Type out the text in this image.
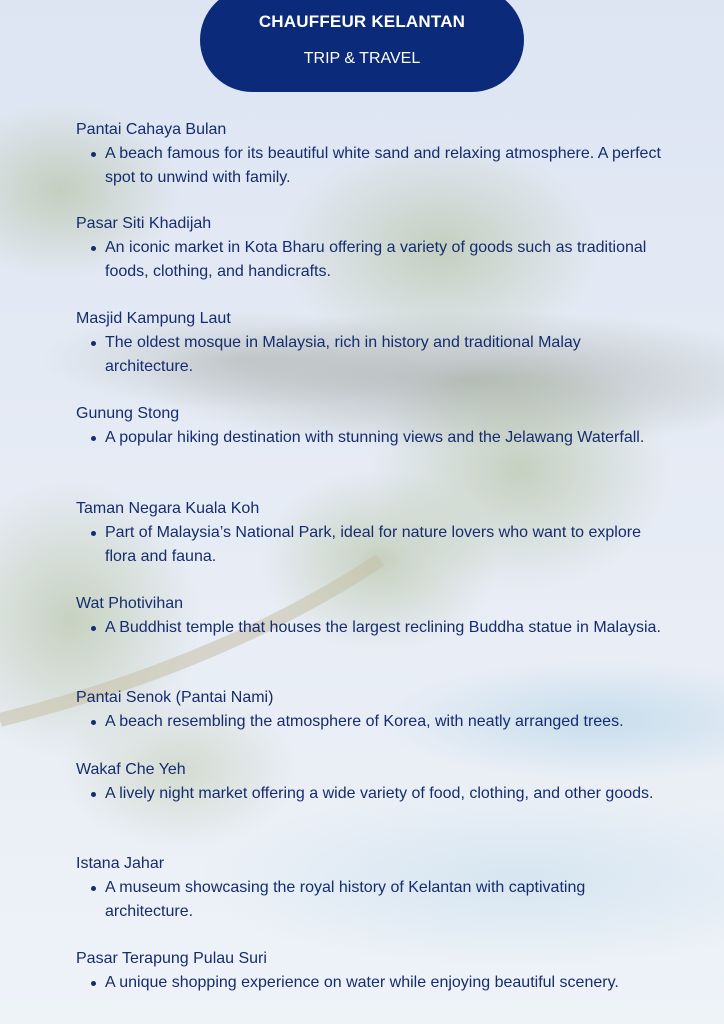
CHAUFFEUR KELANTAN
TRIP & TRAVEL
Pantai Cahaya Bulan
A beach famous for its beautiful white sand and relaxing atmosphere. A perfect spot to unwind with family.
Pasar Siti Khadijah
An iconic market in Kota Bharu offering a variety of goods such as traditional foods, clothing, and handicrafts.
Masjid Kampung Laut
The oldest mosque in Malaysia, rich in history and traditional Malay architecture.
Gunung Stong
A popular hiking destination with stunning views and the Jelawang Waterfall.
Taman Negara Kuala Koh
Part of Malaysia’s National Park, ideal for nature lovers who want to explore flora and fauna.
Wat Photivihan
A Buddhist temple that houses the largest reclining Buddha statue in Malaysia.
Pantai Senok (Pantai Nami)
A beach resembling the atmosphere of Korea, with neatly arranged trees.
Wakaf Che Yeh
A lively night market offering a wide variety of food, clothing, and other goods.
Istana Jahar
A museum showcasing the royal history of Kelantan with captivating architecture.
Pasar Terapung Pulau Suri
A unique shopping experience on water while enjoying beautiful scenery.
